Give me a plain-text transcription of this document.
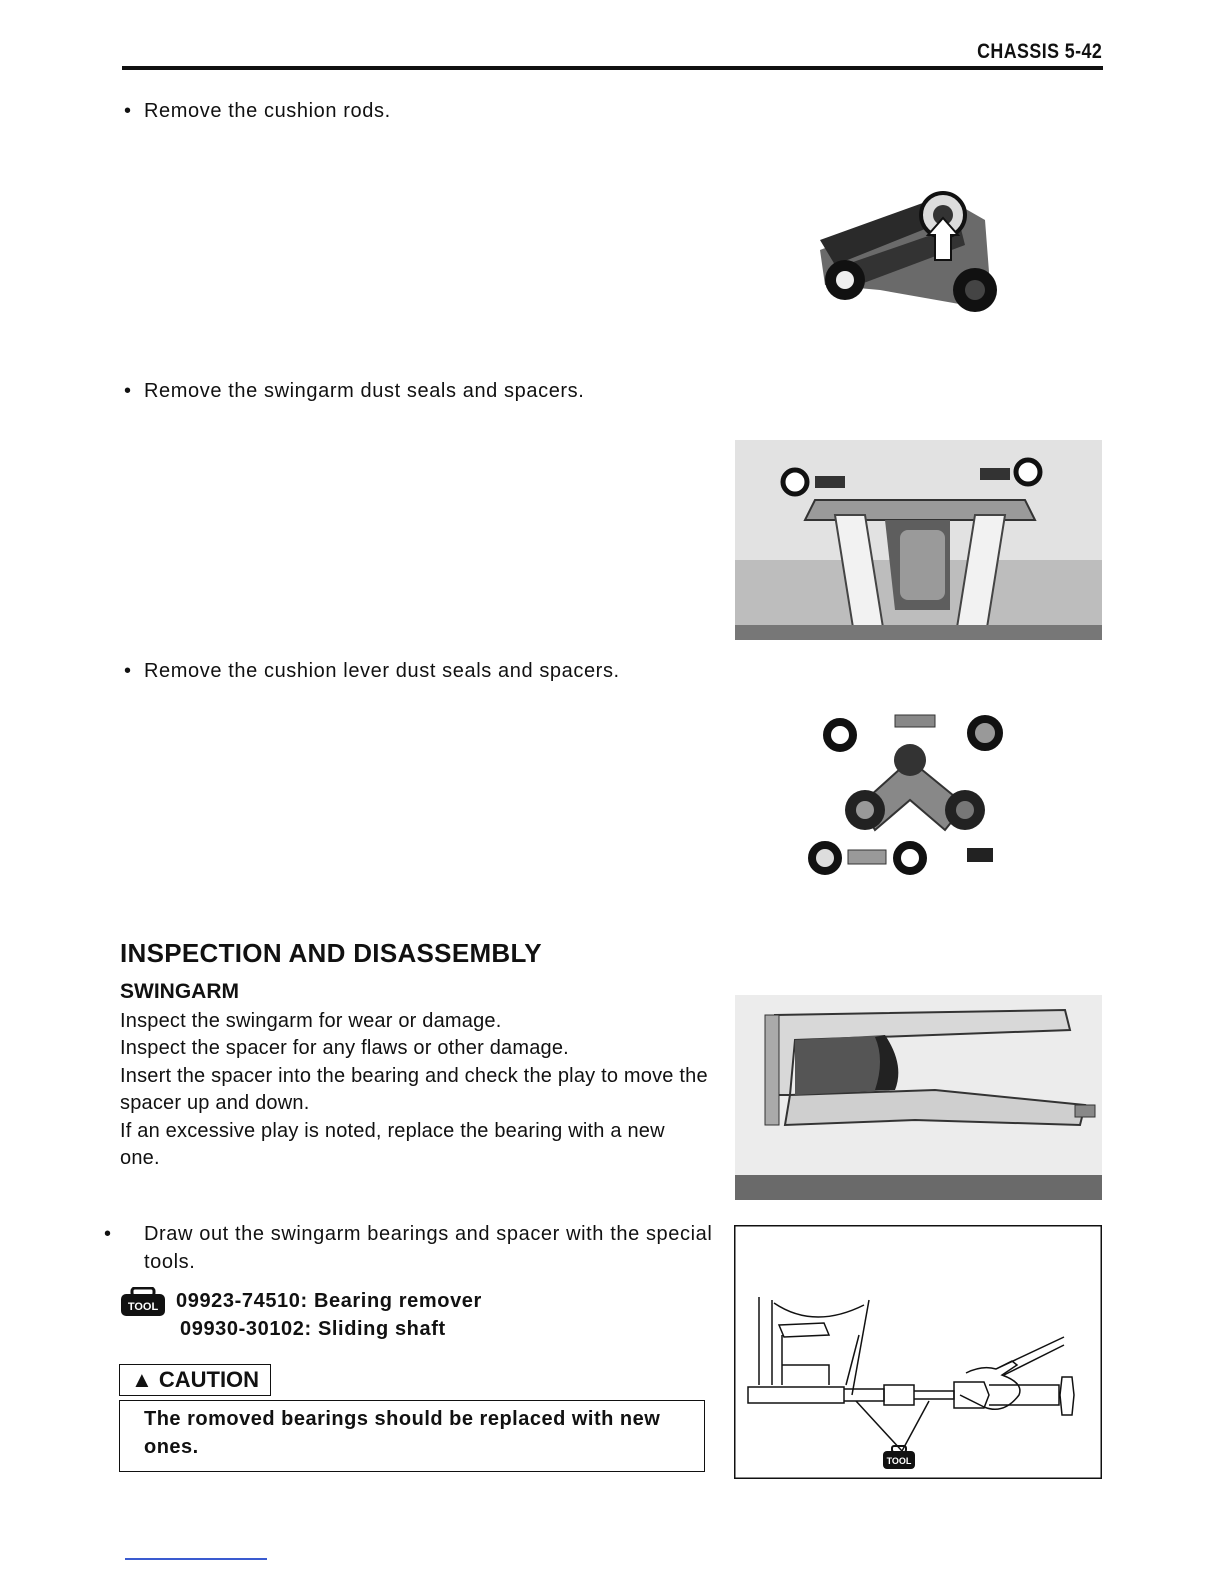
CHASSIS 5-42
• Remove the cushion rods.
• Remove the swingarm dust seals and spacers.
• Remove the cushion lever dust seals and spacers.
INSPECTION AND DISASSEMBLY
SWINGARM

Inspect the swingarm for wear or damage.

Inspect the spacer for any flaws or other damage.

Insert the spacer into the bearing and check the play to move the spacer up and down.

If an excessive play is noted, replace the bearing with a new one.

• Draw out the swingarm bearings and spacer with the special tools.
TOOL 09923-74510: Bearing remover
09930-30102: Sliding shaft
▲ CAUTION
The romoved bearings should be replaced with new ones.
TOOL
